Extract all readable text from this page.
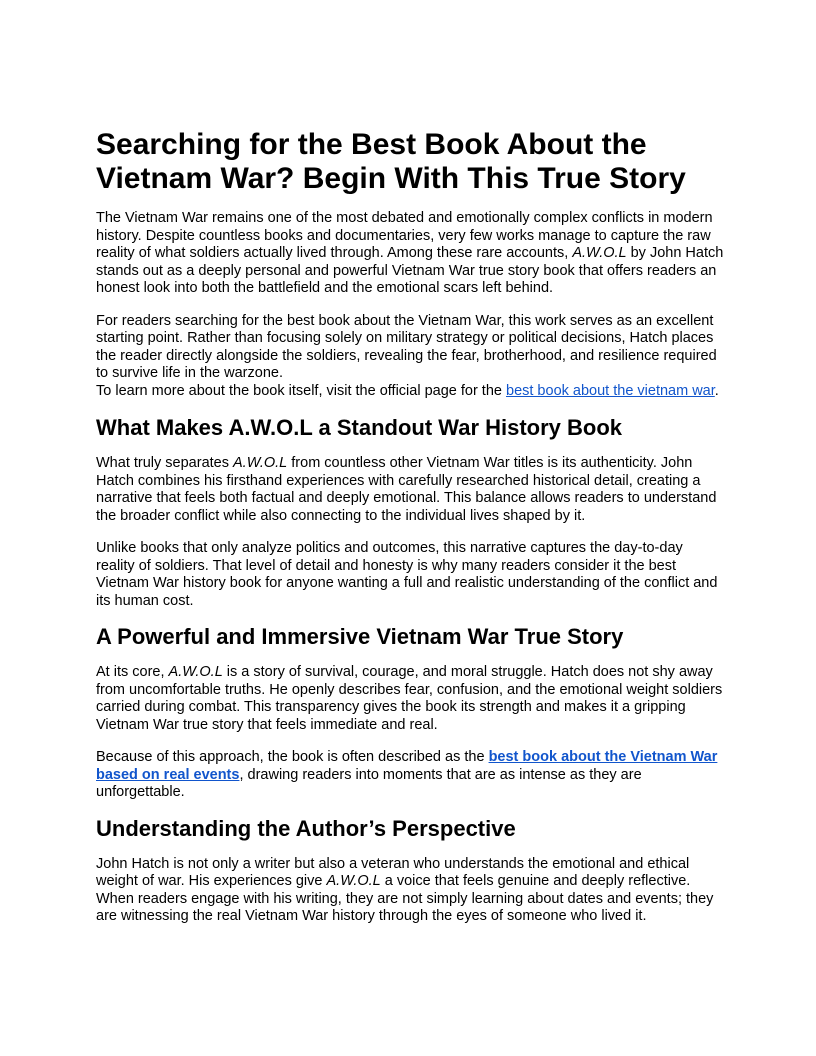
Searching for the Best Book About the Vietnam War? Begin With This True Story

The Vietnam War remains one of the most debated and emotionally complex conflicts in modern history. Despite countless books and documentaries, very few works manage to capture the raw reality of what soldiers actually lived through. Among these rare accounts, A.W.O.L by John Hatch stands out as a deeply personal and powerful Vietnam War true story book that offers readers an honest look into both the battlefield and the emotional scars left behind.

For readers searching for the best book about the Vietnam War, this work serves as an excellent starting point. Rather than focusing solely on military strategy or political decisions, Hatch places the reader directly alongside the soldiers, revealing the fear, brotherhood, and resilience required to survive life in the warzone.

To learn more about the book itself, visit the official page for the best book about the vietnam war.

What Makes A.W.O.L a Standout War History Book

What truly separates A.W.O.L from countless other Vietnam War titles is its authenticity. John Hatch combines his firsthand experiences with carefully researched historical detail, creating a narrative that feels both factual and deeply emotional. This balance allows readers to understand the broader conflict while also connecting to the individual lives shaped by it.

Unlike books that only analyze politics and outcomes, this narrative captures the day-to-day reality of soldiers. That level of detail and honesty is why many readers consider it the best Vietnam War history book for anyone wanting a full and realistic understanding of the conflict and its human cost.

A Powerful and Immersive Vietnam War True Story

At its core, A.W.O.L is a story of survival, courage, and moral struggle. Hatch does not shy away from uncomfortable truths. He openly describes fear, confusion, and the emotional weight soldiers carried during combat. This transparency gives the book its strength and makes it a gripping Vietnam War true story that feels immediate and real.

Because of this approach, the book is often described as the best book about the Vietnam War based on real events, drawing readers into moments that are as intense as they are unforgettable.

Understanding the Author’s Perspective

John Hatch is not only a writer but also a veteran who understands the emotional and ethical weight of war. His experiences give A.W.O.L a voice that feels genuine and deeply reflective. When readers engage with his writing, they are not simply learning about dates and events; they are witnessing the real Vietnam War history through the eyes of someone who lived it.
